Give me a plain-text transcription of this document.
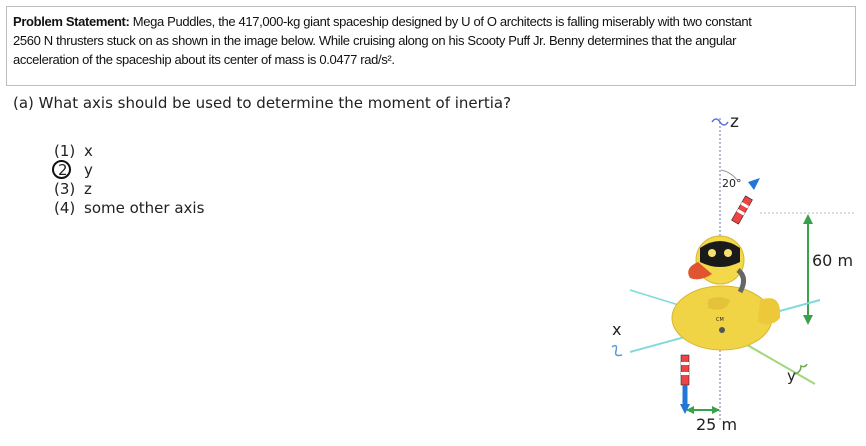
Problem Statement: Mega Puddles, the 417,000-kg giant spaceship designed by U of O architects is falling miserably with two constant
2560 N thrusters stuck on as shown in the image below. While cruising along on his Scooty Puff Jr. Benny determines that the angular
acceleration of the spaceship about its center of mass is 0.0477 rad/s².
(a) What axis should be used to determine the moment of inertia?
(1) x
2 y
(3) z
(4) some other axis
z
60 m
20°
25 m
CM
x
y
